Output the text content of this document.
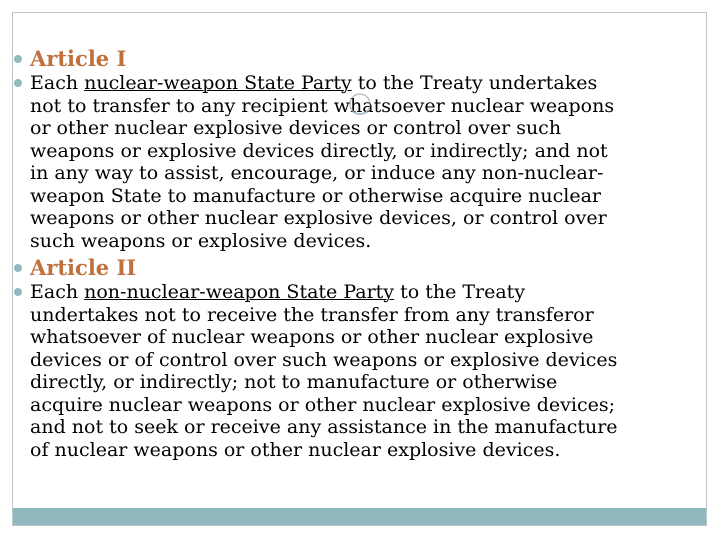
Article I
Each nuclear-weapon State Party to the Treaty undertakes
not to transfer to any recipient whatsoever nuclear weapons
or other nuclear explosive devices or control over such
weapons or explosive devices directly, or indirectly; and not
in any way to assist, encourage, or induce any non-nuclear-
weapon State to manufacture or otherwise acquire nuclear
weapons or other nuclear explosive devices, or control over
such weapons or explosive devices.
Article II
Each non-nuclear-weapon State Party to the Treaty
undertakes not to receive the transfer from any transferor
whatsoever of nuclear weapons or other nuclear explosive
devices or of control over such weapons or explosive devices
directly, or indirectly; not to manufacture or otherwise
acquire nuclear weapons or other nuclear explosive devices;
and not to seek or receive any assistance in the manufacture
of nuclear weapons or other nuclear explosive devices.
